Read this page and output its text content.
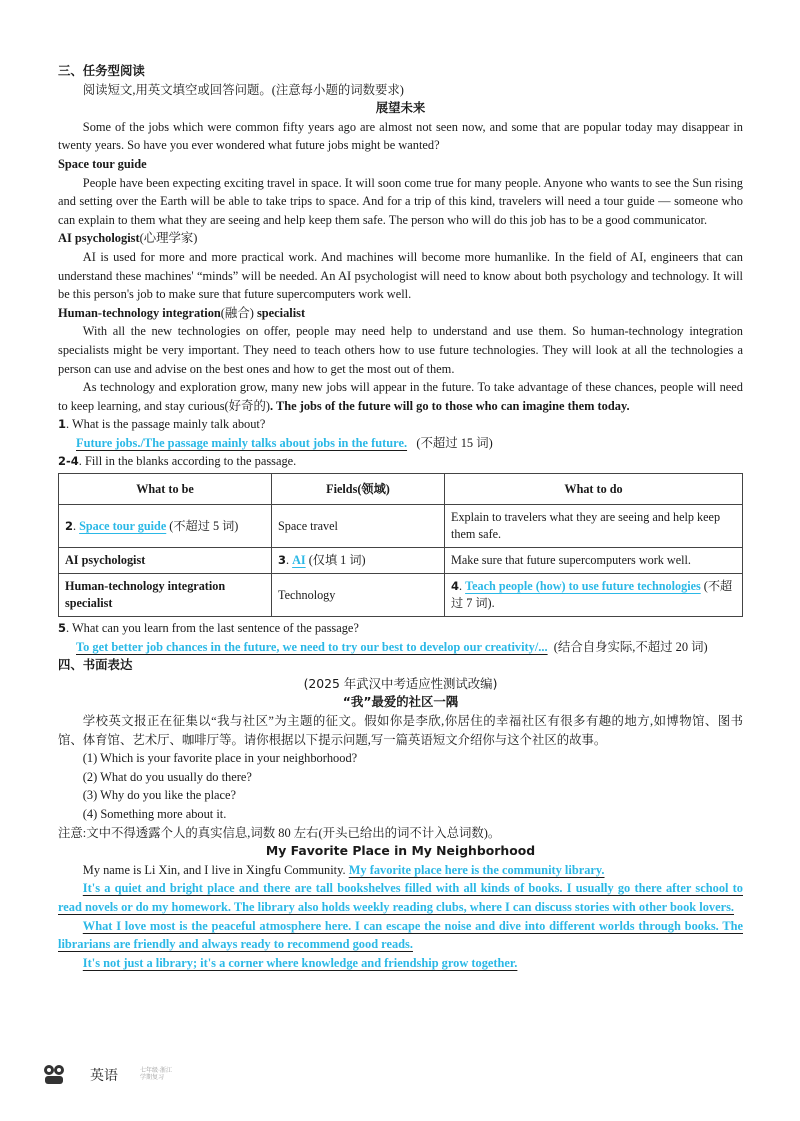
三、任务型阅读

阅读短文,用英文填空或回答问题。(注意每小题的词数要求)

展望未来

Some of the jobs which were common fifty years ago are almost not seen now, and some that are popular today may disappear in twenty years. So have you ever wondered what future jobs might be wanted?

Space tour guide

People have been expecting exciting travel in space. It will soon come true for many people. Anyone who wants to see the Sun rising and setting over the Earth will be able to take trips to space. And for a trip of this kind, travelers will need a tour guide — someone who can explain to them what they are seeing and help keep them safe. The person who will do this job has to be a good communicator.

AI psychologist(心理学家)

AI is used for more and more practical work. And machines will become more humanlike. In the field of AI, engineers that can understand these machines' “minds” will be needed. An AI psychologist will need to know about both psychology and technology. It will be this person's job to make sure that future supercomputers work well.

Human-technology integration(融合) specialist

With all the new technologies on offer, people may need help to understand and use them. So human-technology integration specialists might be very important. They need to teach others how to use future technologies. They will look at all the technologies a person can use and advise on the best ones and how to get the most out of them.

As technology and exploration grow, many new jobs will appear in the future. To take advantage of these chances, people will need to keep learning, and stay curious(好奇的). The jobs of the future will go to those who can imagine them today.

1. What is the passage mainly talk about?

Future jobs./The passage mainly talks about jobs in the future. (不超过 15 词)

2-4. Fill in the blanks according to the passage.

What to be	Fields(领域)	What to do
2. Space tour guide (不超过 5 词)	Space travel	Explain to travelers what they are seeing and help keep them safe.
AI psychologist	3. AI (仅填 1 词)	Make sure that future supercomputers work well.
Human-technology integration specialist	Technology	4. Teach people (how) to use future technologies (不超过 7 词).

5. What can you learn from the last sentence of the passage?

To get better job chances in the future, we need to try our best to develop our creativity/... (结合自身实际,不超过 20 词)

四、书面表达

(2025 年武汉中考适应性测试改编)

“我”最爱的社区一隅

学校英文报正在征集以“我与社区”为主题的征文。假如你是李欣,你居住的幸福社区有很多有趣的地方,如博物馆、图书馆、体育馆、艺术厅、咖啡厅等。请你根据以下提示问题,写一篇英语短文介绍你与这个社区的故事。

(1) Which is your favorite place in your neighborhood?

(2) What do you usually do there?

(3) Why do you like the place?

(4) Something more about it.

注意:文中不得透露个人的真实信息,词数 80 左右(开头已给出的词不计入总词数)。

My Favorite Place in My Neighborhood

My name is Li Xin, and I live in Xingfu Community. My favorite place here is the community library.

It's a quiet and bright place and there are tall bookshelves filled with all kinds of books. I usually go there after school to read novels or do my homework. The library also holds weekly reading clubs, where I can discuss stories with other book lovers.

What I love most is the peaceful atmosphere here. I can escape the noise and dive into different worlds through books. The librarians are friendly and always ready to recommend good reads.

It's not just a library; it's a corner where knowledge and friendship grow together.

英语	七年级·浙江
学期复习
